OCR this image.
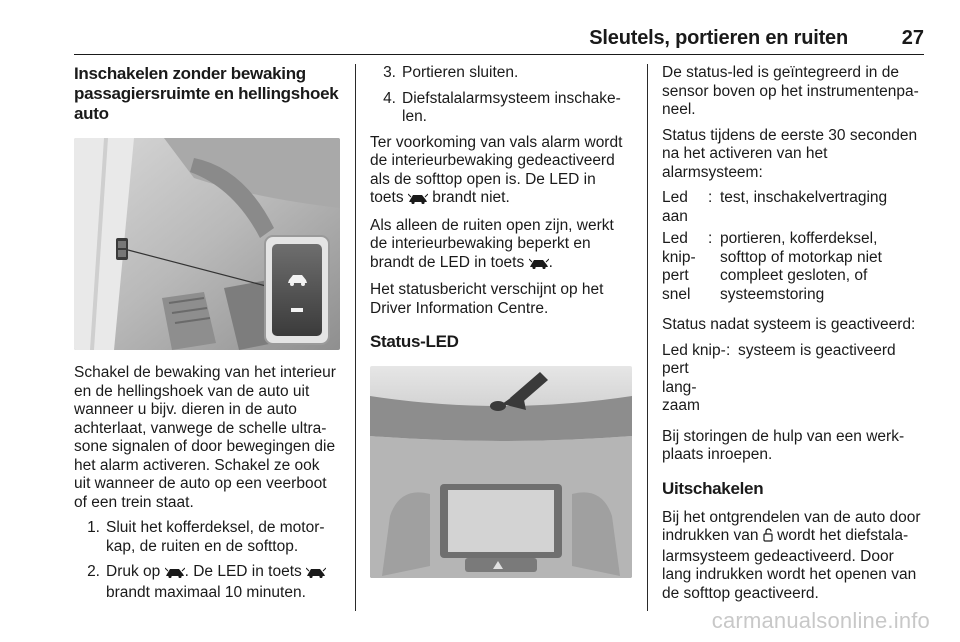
Sleutels, portieren en ruiten	27
Inschakelen zonder bewaking passagiersruimte en hellingshoek auto

Schakel de bewaking van het interieur en de hellingshoek van de auto uit wanneer u bijv. dieren in de auto achterlaat, vanwege de schelle ultrasone signalen of door bewegingen die het alarm activeren. Schakel ze ook uit wanneer de auto op een veerboot of een trein staat.

1. Sluit het kofferdeksel, de motorkap, de ruiten en de softtop.
2. Druk op . De LED in toets  brandt maximaal 10 minuten.
3. Portieren sluiten.
4. Diefstalalarmsysteem inschakelen.

Ter voorkoming van vals alarm wordt de interieurbewaking gedeactiveerd als de softtop open is. De LED in toets brandt niet.

Als alleen de ruiten open zijn, werkt de interieurbewaking beperkt en brandt de LED in toets .

Het statusbericht verschijnt op het Driver Information Centre.

Status-LED

De status-led is geïntegreerd in de sensor boven op het instrumentenpaneel.

Status tijdens de eerste 30 seconden na het activeren van het alarmsysteem:

Led aan
: test, inschakelvertraging
Led knippert snel
: portieren, kofferdeksel, softtop of motorkap niet compleet gesloten, of systeemstoring

Status nadat systeem is geactiveerd:

Led knippert langzaam
: systeem is geactiveerd

Bij storingen de hulp van een werkplaats inroepen.

Uitschakelen

Bij het ontgrendelen van de auto door indrukken van wordt het diefstalalarmsysteem gedeactiveerd. Door lang indrukken wordt het openen van de softtop geactiveerd.

carmanualsonline.info
